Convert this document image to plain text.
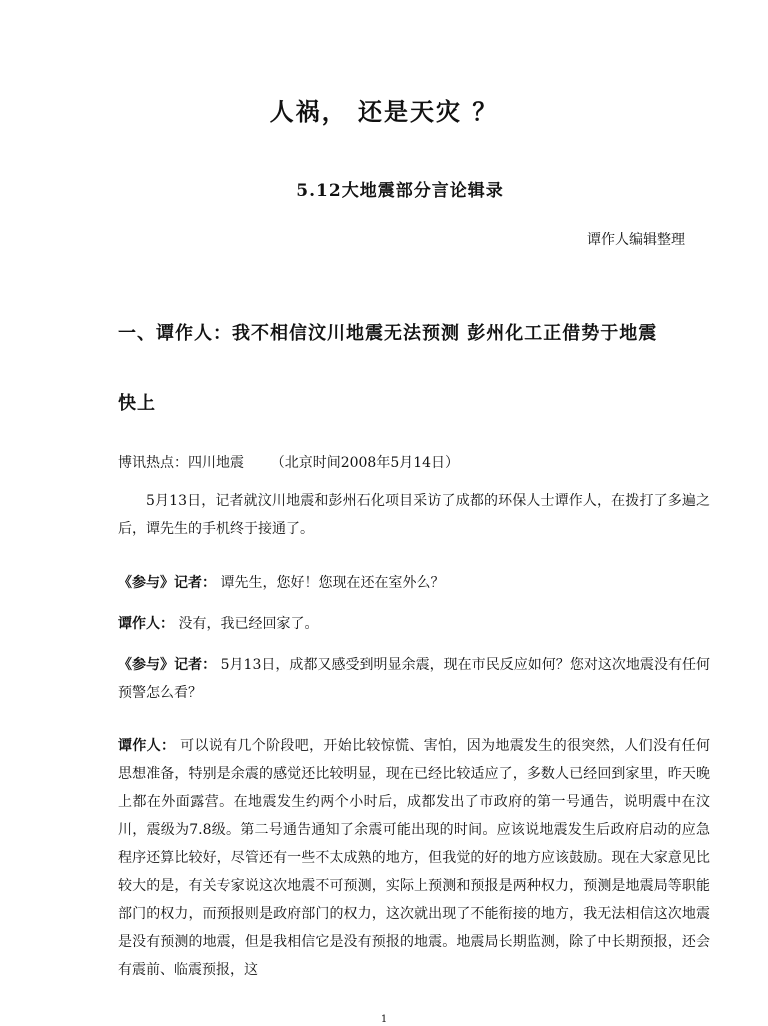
人祸， 还是天灾 ？
5.12大地震部分言论辑录
谭作人编辑整理
一、谭作人：我不相信汶川地震无法预测 彭州化工正借势于地震
快上
博讯热点：四川地震      （北京时间2008年5月14日）
5月13日，记者就汶川地震和彭州石化项目采访了成都的环保人士谭作人，在拨打了多遍之后，谭先生的手机终于接通了。
《参与》记者： 谭先生，您好！您现在还在室外么？
谭作人： 没有，我已经回家了。
《参与》记者： 5月13日，成都又感受到明显余震，现在市民反应如何？您对这次地震没有任何预警怎么看？
谭作人： 可以说有几个阶段吧，开始比较惊慌、害怕，因为地震发生的很突然，人们没有任何思想准备，特别是余震的感觉还比较明显，现在已经比较适应了，多数人已经回到家里，昨天晚上都在外面露营。在地震发生约两个小时后，成都发出了市政府的第一号通告，说明震中在汶川，震级为7.8级。第二号通告通知了余震可能出现的时间。应该说地震发生后政府启动的应急程序还算比较好，尽管还有一些不太成熟的地方，但我觉的好的地方应该鼓励。现在大家意见比较大的是，有关专家说这次地震不可预测，实际上预测和预报是两种权力，预测是地震局等职能部门的权力，而预报则是政府部门的权力，这次就出现了不能衔接的地方，我无法相信这次地震是没有预测的地震，但是我相信它是没有预报的地震。地震局长期监测，除了中长期预报，还会有震前、临震预报，这
1
